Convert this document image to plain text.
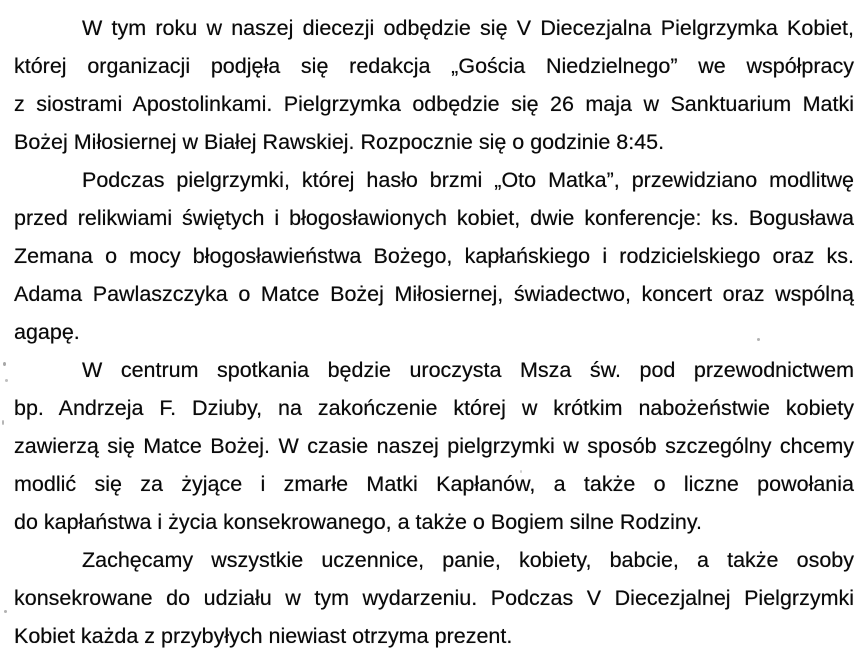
W tym roku w naszej diecezji odbędzie się V Diecezjalna Pielgrzymka Kobiet,

której organizacji podjęła się redakcja „Gościa Niedzielnego” we współpracy

z siostrami Apostolinkami. Pielgrzymka odbędzie się 26 maja w Sanktuarium Matki

Bożej Miłosiernej w Białej Rawskiej. Rozpocznie się o godzinie 8:45.

Podczas pielgrzymki, której hasło brzmi „Oto Matka”, przewidziano modlitwę

przed relikwiami świętych i błogosławionych kobiet, dwie konferencje: ks. Bogusława

Zemana o mocy błogosławieństwa Bożego, kapłańskiego i rodzicielskiego oraz ks.

Adama Pawlaszczyka o Matce Bożej Miłosiernej, świadectwo, koncert oraz wspólną

agapę.

W centrum spotkania będzie uroczysta Msza św. pod przewodnictwem

bp. Andrzeja F. Dziuby, na zakończenie której w krótkim nabożeństwie kobiety

zawierzą się Matce Bożej. W czasie naszej pielgrzymki w sposób szczególny chcemy

modlić się za żyjące i zmarłe Matki Kapłanów, a także o liczne powołania

do kapłaństwa i życia konsekrowanego, a także o Bogiem silne Rodziny.

Zachęcamy wszystkie uczennice, panie, kobiety, babcie, a także osoby

konsekrowane do udziału w tym wydarzeniu. Podczas V Diecezjalnej Pielgrzymki

Kobiet każda z przybyłych niewiast otrzyma prezent.
